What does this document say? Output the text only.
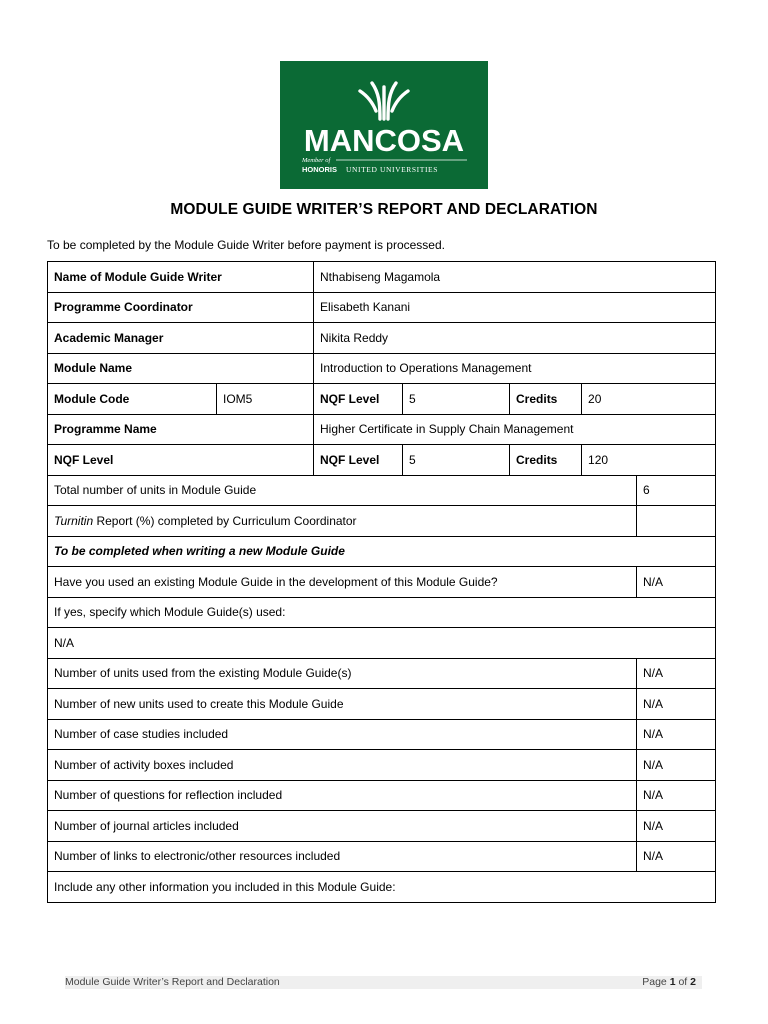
MANCOSA
Member of
HONORIS UNITED UNIVERSITIES
MODULE GUIDE WRITER’S REPORT AND DECLARATION
To be completed by the Module Guide Writer before payment is processed.
Name of Module Guide Writer		Nthabiseng Magamola				
Programme Coordinator		Elisabeth Kanani				
Academic Manager		Nikita Reddy				
Module Name		Introduction to Operations Management				
Module Code	IOM5	NQF Level	5	Credits	20	
Programme Name		Higher Certificate in Supply Chain Management				
NQF Level		NQF Level	5	Credits	120	
Total number of units in Module Guide						6
Turnitin Report (%) completed by Curriculum Coordinator						
To be completed when writing a new Module Guide						
Have you used an existing Module Guide in the development of this Module Guide?						N/A
If yes, specify which Module Guide(s) used:						
N/A						
Number of units used from the existing Module Guide(s)						N/A
Number of new units used to create this Module Guide						N/A
Number of case studies included						N/A
Number of activity boxes included						N/A
Number of questions for reflection included						N/A
Number of journal articles included						N/A
Number of links to electronic/other resources included						N/A
Include any other information you included in this Module Guide:						
Module Guide Writer’s Report and Declaration	Page 1 of 2
